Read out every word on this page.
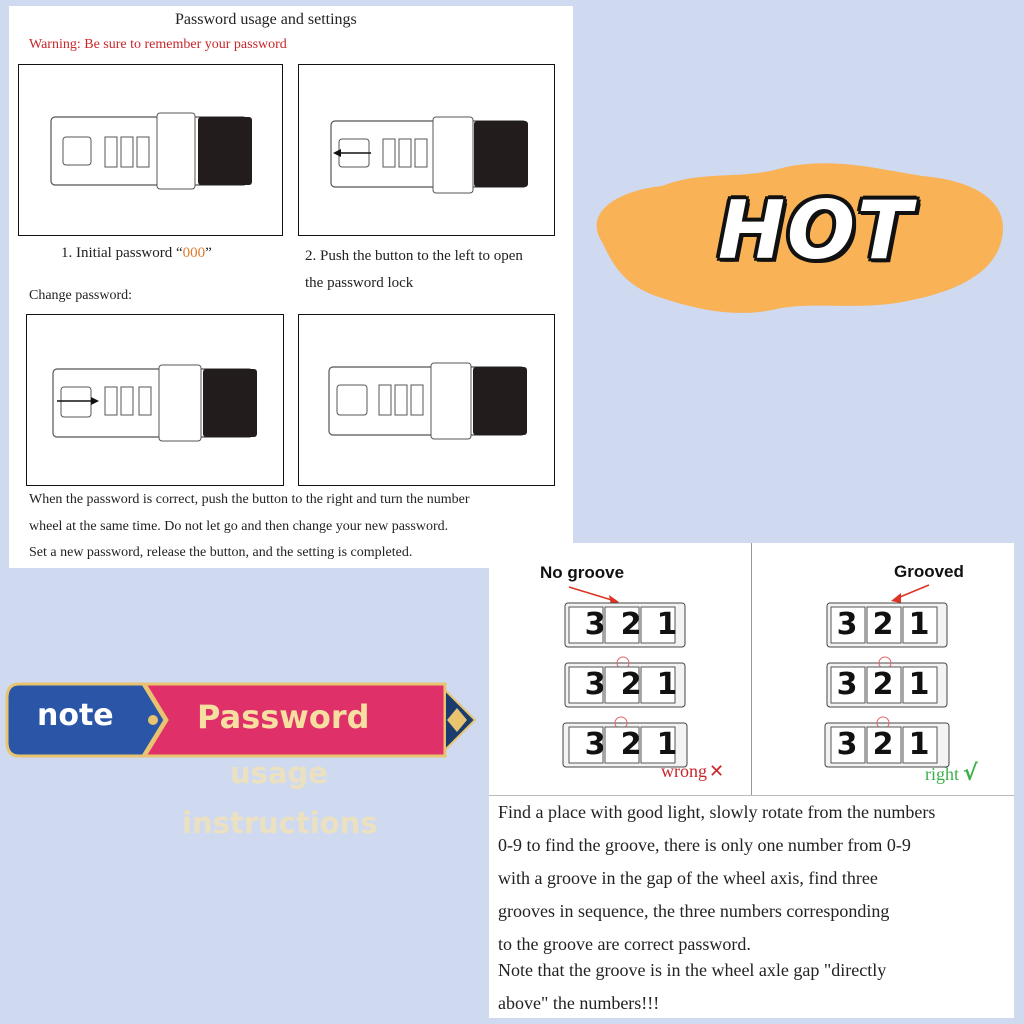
Password usage and settings
Warning: Be sure to remember your password
1. Initial password “000”	2. Push the button to the left to open
the password lock
Change password:
When the password is correct, push the button to the right and turn the number
wheel at the same time. Do not let go and then change your new password.
Set a new password, release the button, and the setting is completed.
HOT
note	Password
usage
instructions
No groove	Grooved
3 2 1
3 2 1
3 2 1
wrong ✕
3 2 1
3 2 1
3 2 1
right √
Find a place with good light, slowly rotate from the numbers
0-9 to find the groove, there is only one number from 0-9
with a groove in the gap of the wheel axis, find three
grooves in sequence, the three numbers corresponding
to the groove are correct password.
Note that the groove is in the wheel axle gap "directly
above" the numbers!!!
